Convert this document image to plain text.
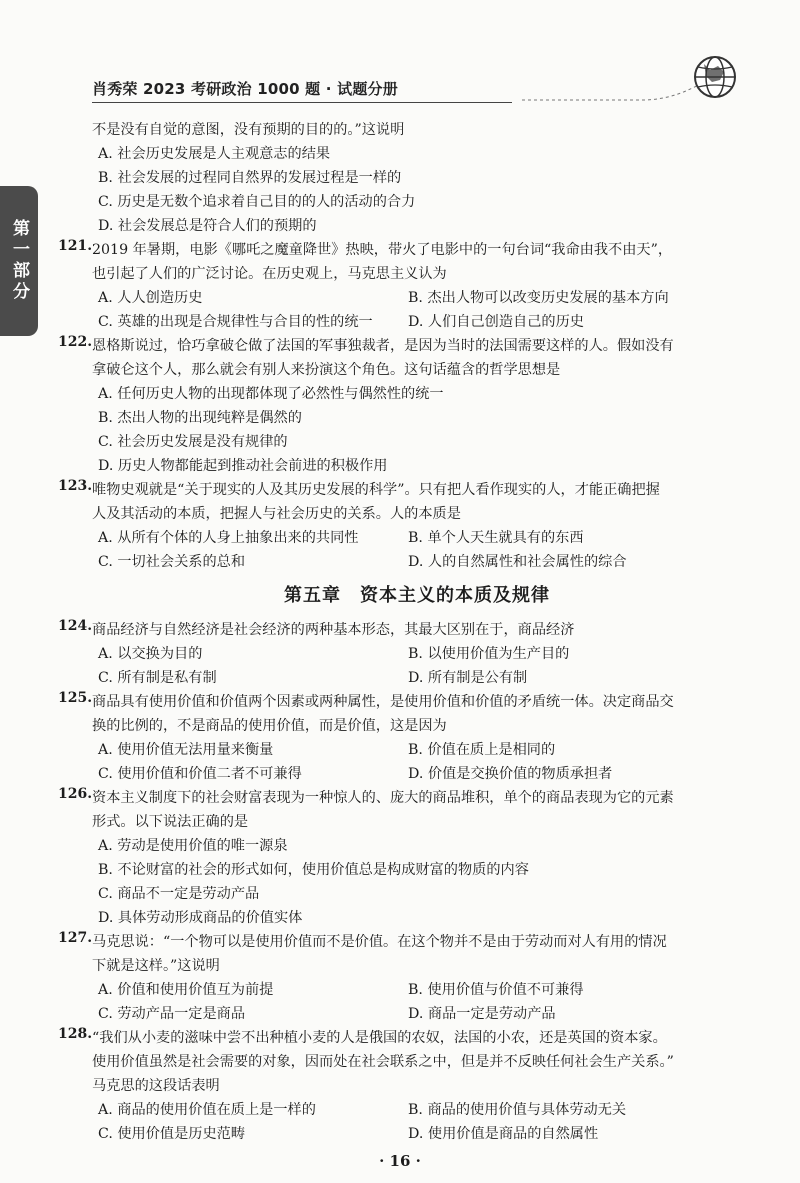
肖秀荣 2023 考研政治 1000 题 · 试题分册
第一部分
不是没有自觉的意图，没有预期的目的的。”这说明
A. 社会历史发展是人主观意志的结果
B. 社会发展的过程同自然界的发展过程是一样的
C. 历史是无数个追求着自己目的的人的活动的合力
D. 社会发展总是符合人们的预期的
121. 2019 年暑期，电影《哪吒之魔童降世》热映，带火了电影中的一句台词“我命由我不由天”，
也引起了人们的广泛讨论。在历史观上，马克思主义认为
A. 人人创造历史	B. 杰出人物可以改变历史发展的基本方向
C. 英雄的出现是合规律性与合目的性的统一	D. 人们自己创造自己的历史
122. 恩格斯说过，恰巧拿破仑做了法国的军事独裁者，是因为当时的法国需要这样的人。假如没有
拿破仑这个人，那么就会有别人来扮演这个角色。这句话蕴含的哲学思想是
A. 任何历史人物的出现都体现了必然性与偶然性的统一
B. 杰出人物的出现纯粹是偶然的
C. 社会历史发展是没有规律的
D. 历史人物都能起到推动社会前进的积极作用
123. 唯物史观就是“关于现实的人及其历史发展的科学”。只有把人看作现实的人，才能正确把握
人及其活动的本质，把握人与社会历史的关系。人的本质是
A. 从所有个体的人身上抽象出来的共同性	B. 单个人天生就具有的东西
C. 一切社会关系的总和	D. 人的自然属性和社会属性的综合
第五章　资本主义的本质及规律
124. 商品经济与自然经济是社会经济的两种基本形态，其最大区别在于，商品经济
A. 以交换为目的	B. 以使用价值为生产目的
C. 所有制是私有制	D. 所有制是公有制
125. 商品具有使用价值和价值两个因素或两种属性，是使用价值和价值的矛盾统一体。决定商品交
换的比例的，不是商品的使用价值，而是价值，这是因为
A. 使用价值无法用量来衡量	B. 价值在质上是相同的
C. 使用价值和价值二者不可兼得	D. 价值是交换价值的物质承担者
126. 资本主义制度下的社会财富表现为一种惊人的、庞大的商品堆积，单个的商品表现为它的元素
形式。以下说法正确的是
A. 劳动是使用价值的唯一源泉
B. 不论财富的社会的形式如何，使用价值总是构成财富的物质的内容
C. 商品不一定是劳动产品
D. 具体劳动形成商品的价值实体
127. 马克思说：“一个物可以是使用价值而不是价值。在这个物并不是由于劳动而对人有用的情况
下就是这样。”这说明
A. 价值和使用价值互为前提	B. 使用价值与价值不可兼得
C. 劳动产品一定是商品	D. 商品一定是劳动产品
128. “我们从小麦的滋味中尝不出种植小麦的人是俄国的农奴，法国的小农，还是英国的资本家。
使用价值虽然是社会需要的对象，因而处在社会联系之中，但是并不反映任何社会生产关系。”
马克思的这段话表明
A. 商品的使用价值在质上是一样的	B. 商品的使用价值与具体劳动无关
C. 使用价值是历史范畴	D. 使用价值是商品的自然属性
· 16 ·
